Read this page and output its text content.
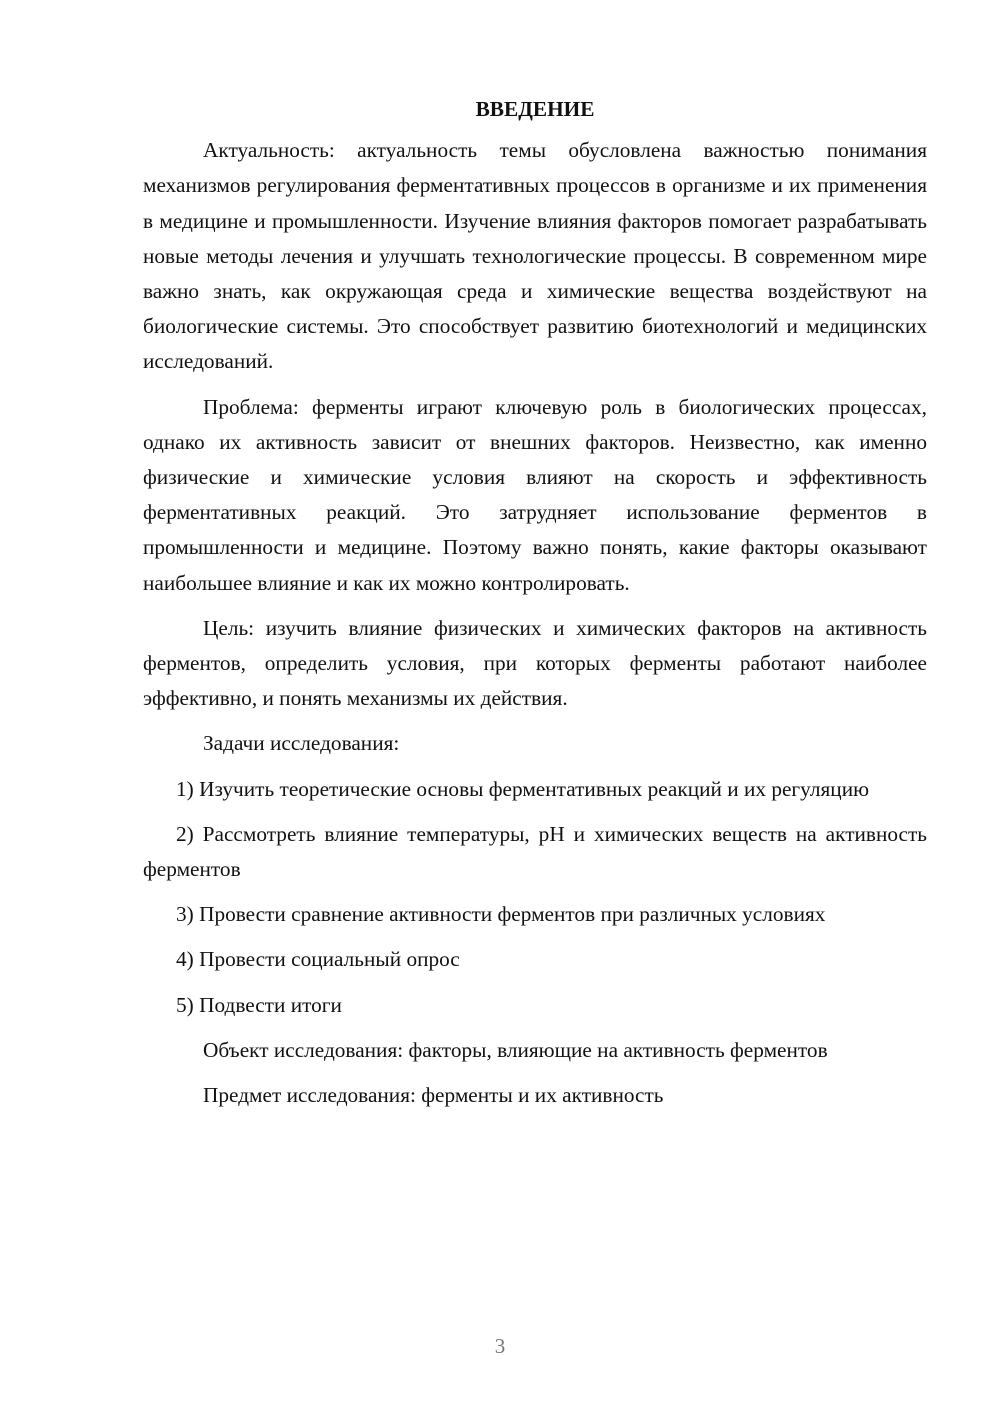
ВВЕДЕНИЕ

Актуальность: актуальность темы обусловлена важностью понимания механизмов регулирования ферментативных процессов в организме и их применения в медицине и промышленности. Изучение влияния факторов помогает разрабатывать новые методы лечения и улучшать технологические процессы. В современном мире важно знать, как окружающая среда и химические вещества воздействуют на биологические системы. Это способствует развитию биотехнологий и медицинских исследований.

Проблема: ферменты играют ключевую роль в биологических процессах, однако их активность зависит от внешних факторов. Неизвестно, как именно физические и химические условия влияют на скорость и эффективность ферментативных реакций. Это затрудняет использование ферментов в промышленности и медицине. Поэтому важно понять, какие факторы оказывают наибольшее влияние и как их можно контролировать.

Цель: изучить влияние физических и химических факторов на активность ферментов, определить условия, при которых ферменты работают наиболее эффективно, и понять механизмы их действия.

Задачи исследования:

1) Изучить теоретические основы ферментативных реакций и их регуляцию

2) Рассмотреть влияние температуры, pH и химических веществ на активность ферментов

3) Провести сравнение активности ферментов при различных условиях

4) Провести социальный опрос

5) Подвести итоги

Объект исследования: факторы, влияющие на активность ферментов

Предмет исследования: ферменты и их активность

3
